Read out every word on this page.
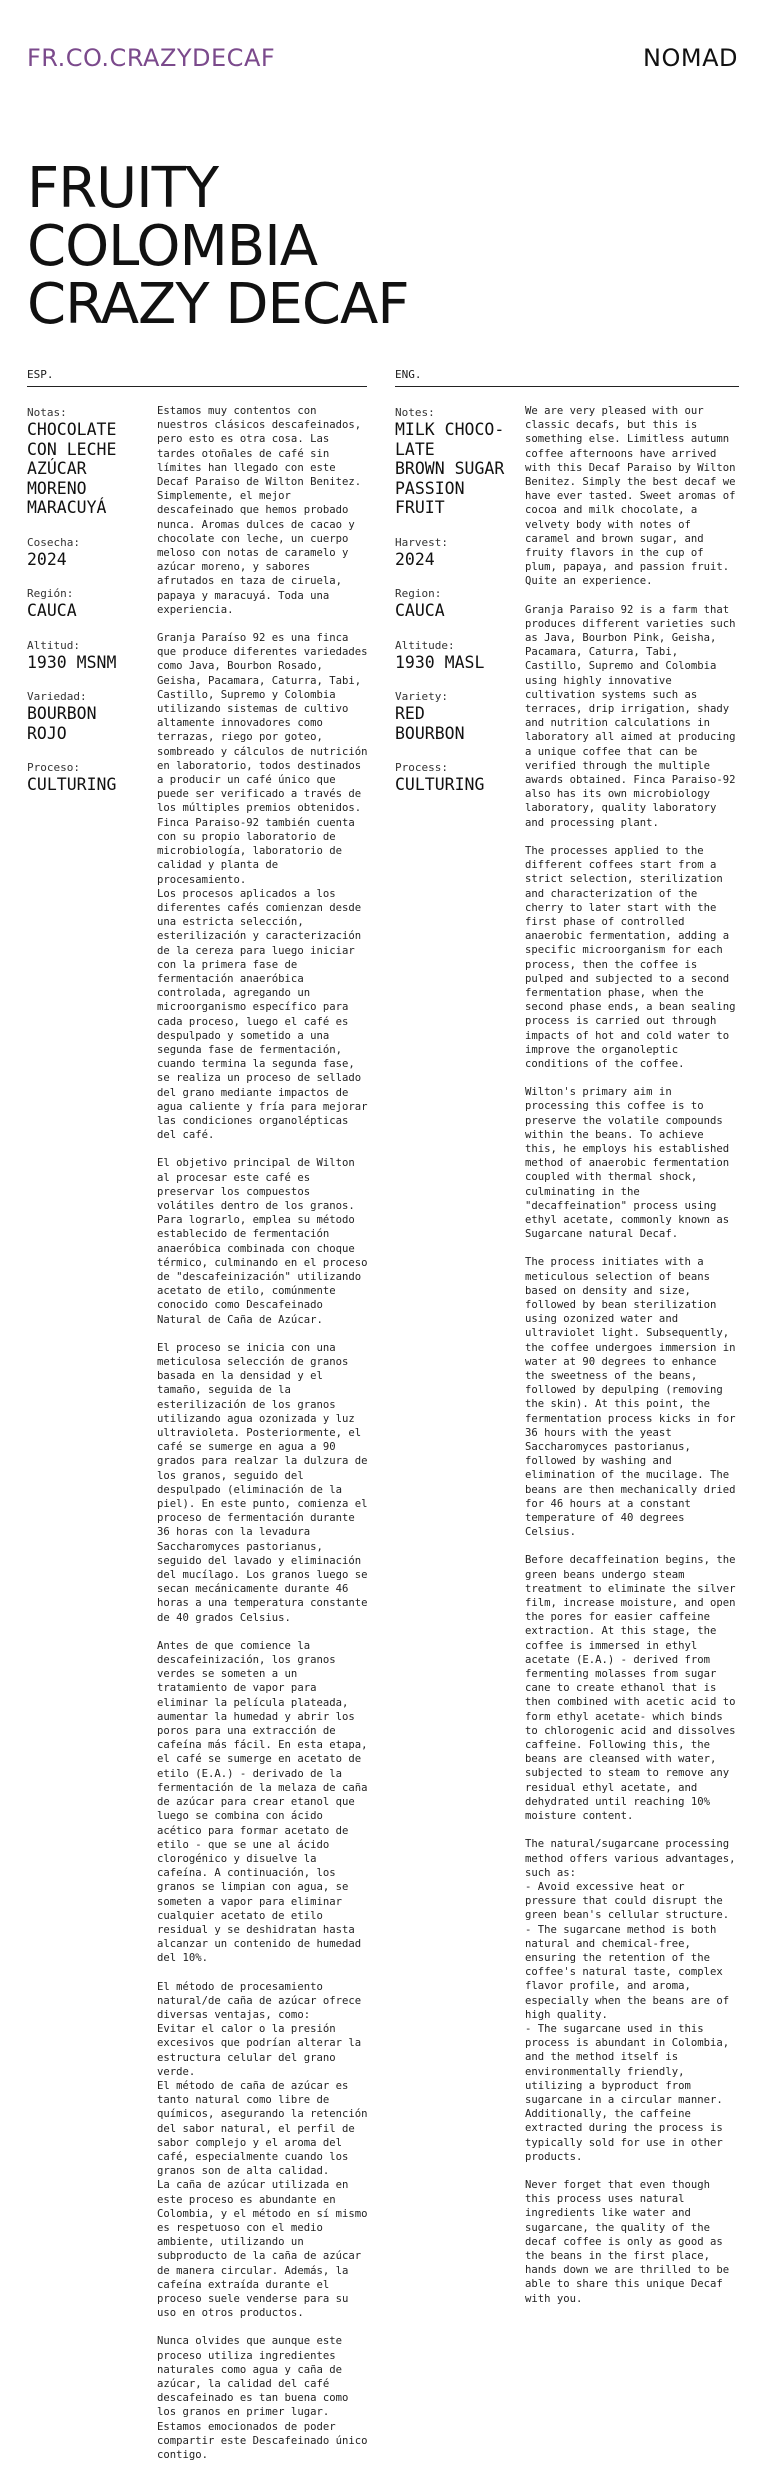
FR.CO.CRAZYDECAF	NOMAD
FRUITY
COLOMBIA
CRAZY DECAF
ESP.
Notas:
CHOCOLATE
CON LECHE
AZÚCAR
MORENO
MARACUYÁ
Cosecha:
2024
Región:
CAUCA
Altitud:
1930 MSNM
Variedad:
BOURBON
ROJO
Proceso:
CULTURING

Estamos muy contentos con nuestros clásicos descafeinados, pero esto es otra cosa. Las tardes otoñales de café sin límites han llegado con este Decaf Paraiso de Wilton Benitez. Simplemente, el mejor descafeinado que hemos probado nunca. Aromas dulces de cacao y chocolate con leche, un cuerpo meloso con notas de caramelo y azúcar moreno, y sabores afrutados en taza de ciruela, papaya y maracuyá. Toda una experiencia.

Granja Paraíso 92 es una finca que produce diferentes variedades como Java, Bourbon Rosado, Geisha, Pacamara, Caturra, Tabi, Castillo, Supremo y Colombia utilizando sistemas de cultivo altamente innovadores como terrazas, riego por goteo, sombreado y cálculos de nutrición en laboratorio, todos destinados a producir un café único que puede ser verificado a través de los múltiples premios obtenidos. Finca Paraiso-92 también cuenta con su propio laboratorio de microbiología, laboratorio de calidad y planta de procesamiento.
Los procesos aplicados a los diferentes cafés comienzan desde una estricta selección, esterilización y caracterización de la cereza para luego iniciar con la primera fase de fermentación anaeróbica controlada, agregando un microorganismo específico para cada proceso, luego el café es despulpado y sometido a una segunda fase de fermentación, cuando termina la segunda fase, se realiza un proceso de sellado del grano mediante impactos de agua caliente y fría para mejorar las condiciones organolépticas del café.

El objetivo principal de Wilton al procesar este café es preservar los compuestos volátiles dentro de los granos. Para lograrlo, emplea su método establecido de fermentación anaeróbica combinada con choque térmico, culminando en el proceso de "descafeinización" utilizando acetato de etilo, comúnmente conocido como Descafeinado Natural de Caña de Azúcar.

El proceso se inicia con una meticulosa selección de granos basada en la densidad y el tamaño, seguida de la esterilización de los granos utilizando agua ozonizada y luz ultravioleta. Posteriormente, el café se sumerge en agua a 90 grados para realzar la dulzura de los granos, seguido del despulpado (eliminación de la piel). En este punto, comienza el proceso de fermentación durante 36 horas con la levadura Saccharomyces pastorianus, seguido del lavado y eliminación del mucílago. Los granos luego se secan mecánicamente durante 46 horas a una temperatura constante de 40 grados Celsius.

Antes de que comience la descafeinización, los granos verdes se someten a un tratamiento de vapor para eliminar la película plateada, aumentar la humedad y abrir los poros para una extracción de cafeína más fácil. En esta etapa, el café se sumerge en acetato de etilo (E.A.) - derivado de la fermentación de la melaza de caña de azúcar para crear etanol que luego se combina con ácido acético para formar acetato de etilo - que se une al ácido clorogénico y disuelve la cafeína. A continuación, los granos se limpian con agua, se someten a vapor para eliminar cualquier acetato de etilo residual y se deshidratan hasta alcanzar un contenido de humedad del 10%.

El método de procesamiento natural/de caña de azúcar ofrece diversas ventajas, como:
Evitar el calor o la presión excesivos que podrían alterar la estructura celular del grano verde.
El método de caña de azúcar es tanto natural como libre de químicos, asegurando la retención del sabor natural, el perfil de sabor complejo y el aroma del café, especialmente cuando los granos son de alta calidad.
La caña de azúcar utilizada en este proceso es abundante en Colombia, y el método en sí mismo es respetuoso con el medio ambiente, utilizando un subproducto de la caña de azúcar de manera circular. Además, la cafeína extraída durante el proceso suele venderse para su uso en otros productos.

Nunca olvides que aunque este proceso utiliza ingredientes naturales como agua y caña de azúcar, la calidad del café descafeinado es tan buena como los granos en primer lugar. Estamos emocionados de poder compartir este Descafeinado único contigo.

ENG.
Notes:
MILK CHOCO-
LATE
BROWN SUGAR
PASSION
FRUIT
Harvest:
2024
Region:
CAUCA
Altitude:
1930 MASL
Variety:
RED
BOURBON
Process:
CULTURING

We are very pleased with our classic decafs, but this is something else. Limitless autumn coffee afternoons have arrived with this Decaf Paraiso by Wilton Benitez. Simply the best decaf we have ever tasted. Sweet aromas of cocoa and milk chocolate, a velvety body with notes of caramel and brown sugar, and fruity flavors in the cup of plum, papaya, and passion fruit. Quite an experience.

Granja Paraiso 92 is a farm that produces different varieties such as Java, Bourbon Pink, Geisha, Pacamara, Caturra, Tabi, Castillo, Supremo and Colombia using highly innovative cultivation systems such as terraces, drip irrigation, shady and nutrition calculations in laboratory all aimed at producing a unique coffee that can be verified through the multiple awards obtained. Finca Paraiso-92 also has its own microbiology laboratory, quality laboratory and processing plant.

The processes applied to the different coffees start from a strict selection, sterilization and characterization of the cherry to later start with the first phase of controlled anaerobic fermentation, adding a specific microorganism for each process, then the coffee is pulped and subjected to a second fermentation phase, when the second phase ends, a bean sealing process is carried out through impacts of hot and cold water to improve the organoleptic conditions of the coffee.

Wilton's primary aim in processing this coffee is to preserve the volatile compounds within the beans. To achieve this, he employs his established method of anaerobic fermentation coupled with thermal shock, culminating in the "decaffeination" process using ethyl acetate, commonly known as Sugarcane natural Decaf.

The process initiates with a meticulous selection of beans based on density and size, followed by bean sterilization using ozonized water and ultraviolet light. Subsequently, the coffee undergoes immersion in water at 90 degrees to enhance the sweetness of the beans, followed by depulping (removing the skin). At this point, the fermentation process kicks in for 36 hours with the yeast Saccharomyces pastorianus, followed by washing and elimination of the mucilage. The beans are then mechanically dried for 46 hours at a constant temperature of 40 degrees Celsius.

Before decaffeination begins, the green beans undergo steam treatment to eliminate the silver film, increase moisture, and open the pores for easier caffeine extraction. At this stage, the coffee is immersed in ethyl acetate (E.A.) - derived from fermenting molasses from sugar cane to create ethanol that is then combined with acetic acid to form ethyl acetate- which binds to chlorogenic acid and dissolves caffeine. Following this, the beans are cleansed with water, subjected to steam to remove any residual ethyl acetate, and dehydrated until reaching 10% moisture content.

The natural/sugarcane processing method offers various advantages, such as:
- Avoid excessive heat or pressure that could disrupt the green bean's cellular structure.
- The sugarcane method is both natural and chemical-free, ensuring the retention of the coffee's natural taste, complex flavor profile, and aroma, especially when the beans are of high quality.
- The sugarcane used in this process is abundant in Colombia, and the method itself is environmentally friendly, utilizing a byproduct from sugarcane in a circular manner. Additionally, the caffeine extracted during the process is typically sold for use in other products.

Never forget that even though this process uses natural ingredients like water and sugarcane, the quality of the decaf coffee is only as good as the beans in the first place, hands down we are thrilled to be able to share this unique Decaf with you.
